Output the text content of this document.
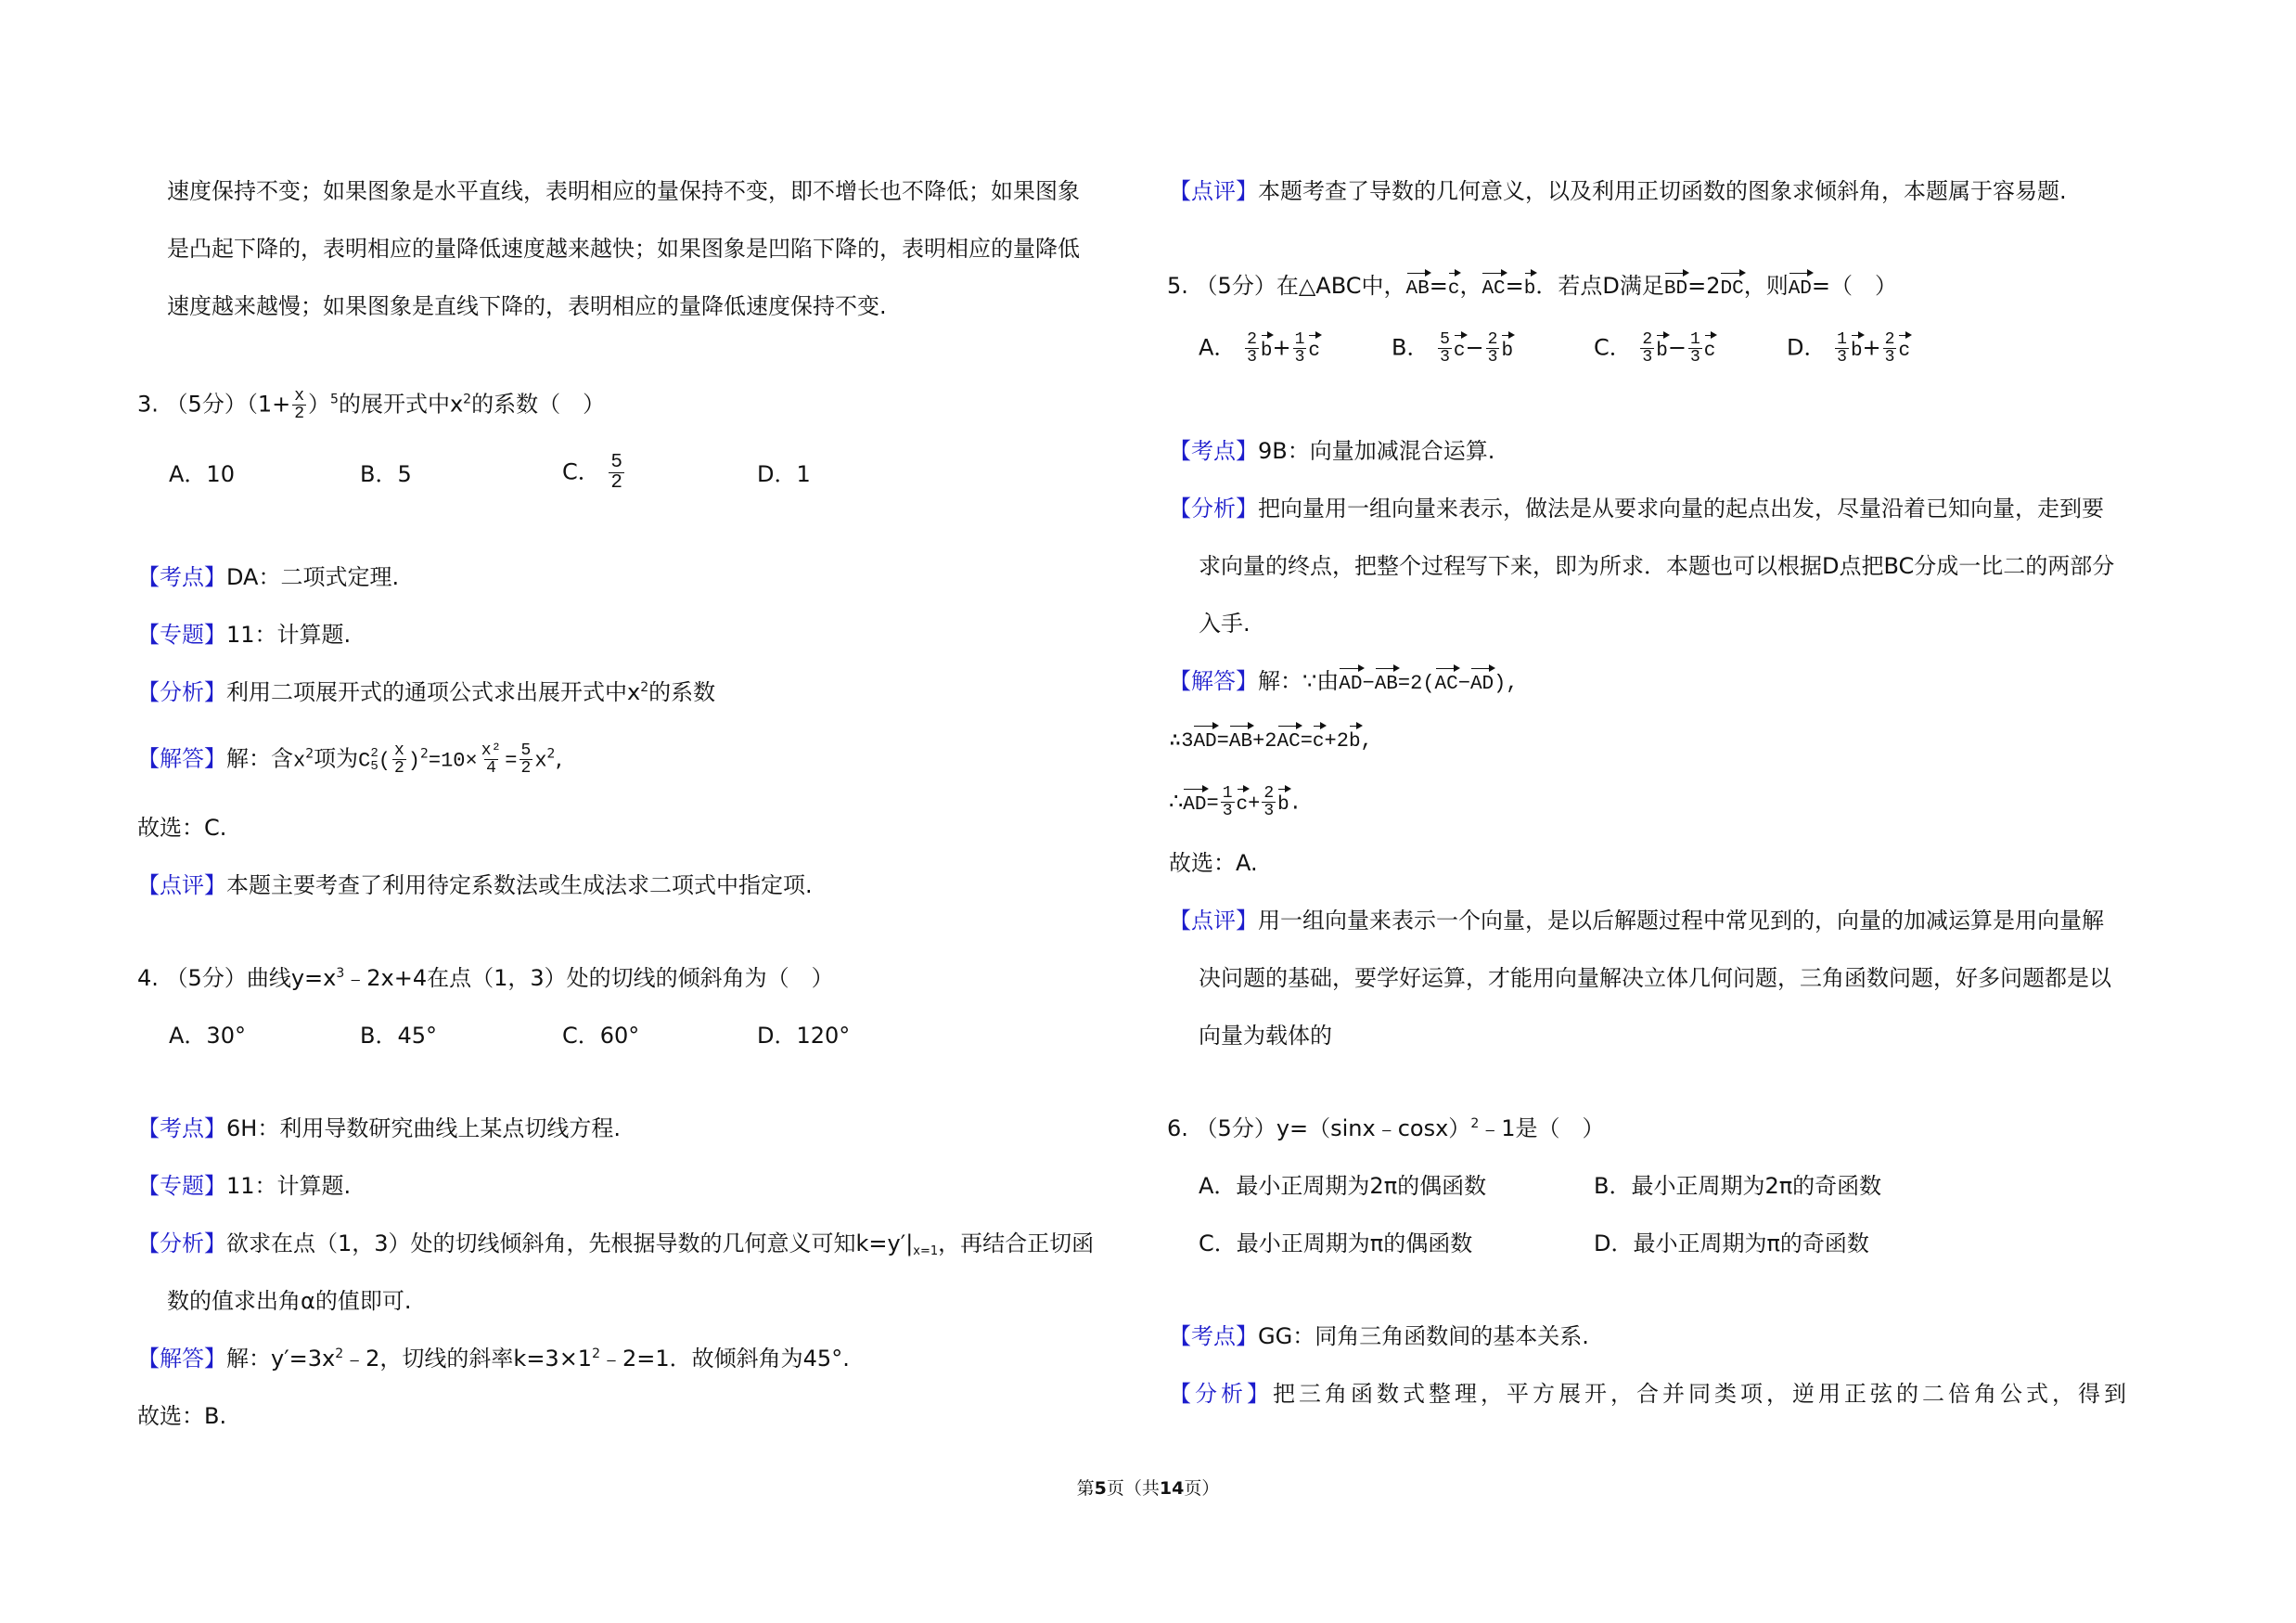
速度保持不变；如果图象是水平直线，表明相应的量保持不变，即不增长也不降低；如果图象
是凸起下降的，表明相应的量降低速度越来越快；如果图象是凹陷下降的，表明相应的量降低
速度越来越慢；如果图象是直线下降的，表明相应的量降低速度保持不变.
3. （5分）$(1+ \frac{x}{2} )^5$的展开式中$x^2$的系数（　）
A．10	B．5	C． $\frac{5}{2}$	D．1
【考点】DA：二项式定理.
【专题】11：计算题.
【分析】利用二项展开式的通项公式求出展开式中$x^2$的系数
【解答】解：含$x^2$项为C 2
5 ( $\frac{x}{2} )^2=10\times \frac{\text{x²}}{4} = \frac{5}{2} x^2$,
故选：C.
【点评】本题主要考查了利用待定系数法或生成法求二项式中指定项.
4. （5分）曲线$y=x^3﹣2x+4$在点（1，3）处的切线的倾斜角为（　）
A．30°	B．45°	C．60°	D．120°
【考点】6H：利用导数研究曲线上某点切线方程.
【专题】11：计算题.
【分析】欲求在点（1，3）处的切线倾斜角，先根据导数的几何意义可知$k=y'|_{x=1}$，再结合正切函
数的值求出角α的值即可.
【解答】解：$y'=3x^2﹣2$，切线的斜率$k=3\times 1^2﹣2=1$．故倾斜角为45°.
故选：B.
【点评】本题考查了导数的几何意义，以及利用正切函数的图象求倾斜角，本题属于容易题.
5. （5分）在△ABC中，AB=c，AC=b．若点D满足BD=2DC，则AD=（　）
A． $\frac{2}{3} b+ \frac{1}{3}$ c	B． $\frac{5}{3} c- \frac{2}{3}$ b	C． $\frac{2}{3} b- \frac{1}{3}$ c	D． $\frac{1}{3} b+ \frac{2}{3}$ c
【考点】9B：向量加减混合运算.
【分析】把向量用一组向量来表示，做法是从要求向量的起点出发，尽量沿着已知向量，走到要
求向量的终点，把整个过程写下来，即为所求．本题也可以根据D点把BC分成一比二的两部分
入手.
【解答】解：∵由AD−AB=2(AC−AD),
∴3AD=AB+2AC=c+2b,
∴AD= $\frac{1}{3} c+ \frac{2}{3} b$.
故选：A.
【点评】用一组向量来表示一个向量，是以后解题过程中常见到的，向量的加减运算是用向量解
决问题的基础，要学好运算，才能用向量解决立体几何问题，三角函数问题，好多问题都是以
向量为载体的
6. （5分）y=（sinx﹣cosx）$^2$﹣1是（　）
A．最小正周期为2π的偶函数	B．最小正周期为2π的奇函数
C．最小正周期为π的偶函数	D．最小正周期为π的奇函数
【考点】GG：同角三角函数间的基本关系.
【分析】把三角函数式整理，平方展开，合并同类项，逆用正弦的二倍角公式，得到
第5页（共14页）
